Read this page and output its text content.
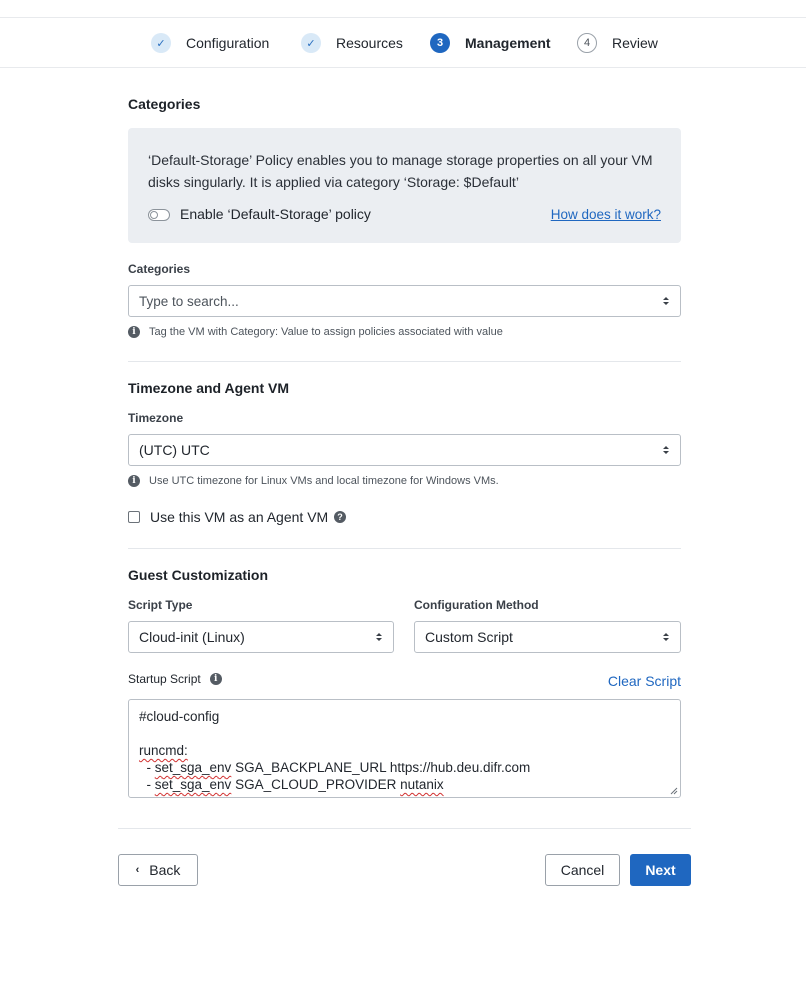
✓	Configuration	✓	Resources	3	Management	4	Review
Categories
‘Default-Storage’ Policy enables you to manage storage properties on all your VM disks singularly. It is applied via category ‘Storage: $Default’
Enable ‘Default-Storage’ policy	How does it work?
Categories
Type to search...
i	Tag the VM with Category: Value to assign policies associated with value
Timezone and Agent VM
Timezone
(UTC) UTC
i	Use UTC timezone for Linux VMs and local timezone for Windows VMs.
Use this VM as an Agent VM	?
Guest Customization
Script Type
Cloud-init (Linux)
Configuration Method
Custom Script
Startup Script	i	Clear Script
#cloud-config

runcmd:
- set_sga_env SGA_BACKPLANE_URL https://hub.deu.difr.com
- set_sga_env SGA_CLOUD_PROVIDER nutanix
‹ Back	Cancel	Next
